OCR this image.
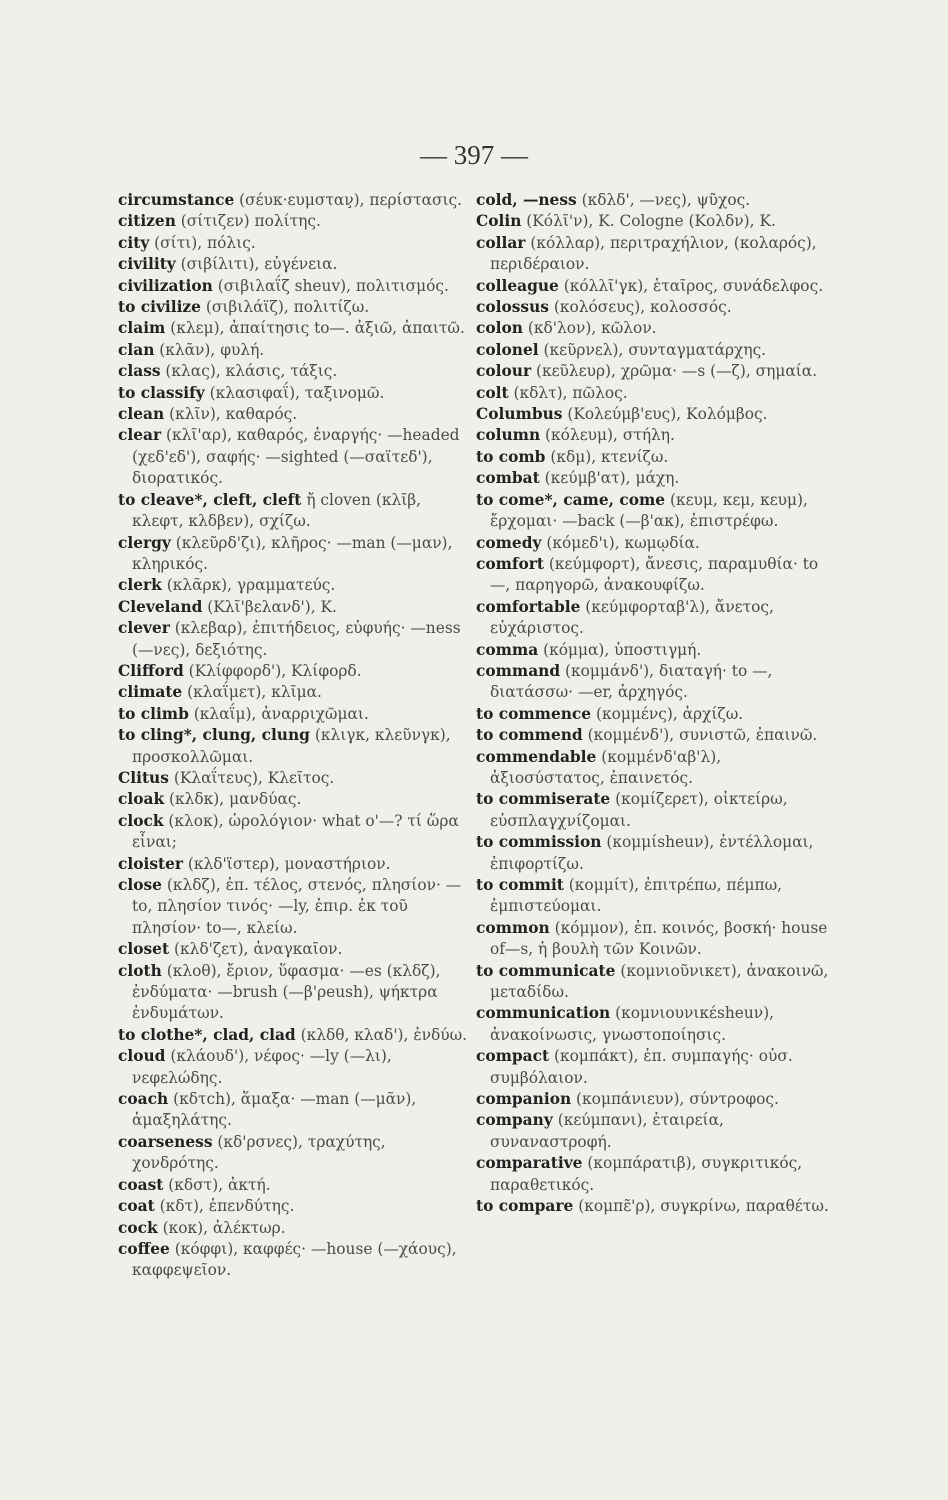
— 397 —
circumstance (σέυκ·ευμσταν̧), περίστασις.
citizen (σίτιζεν) πολίτης.
city (σίτι), πόλις.
civility (σιβίλιτι), εὐγένεια.
civilization (σιβιλαΐζ sheuv), πολιτισμός.
to civilize (σιβιλάϊζ), πολιτίζω.
claim (κλεμ), ἀπαίτησις to—. ἀξιῶ, ἀπαιτῶ.
clan (κλᾶν), φυλή.
class (κλας), κλάσις, τάξις.
to classify (κλασιφαΐ), ταξινομῶ.
clean (κλῖν), καθαρός.
clear (κλῖ'αρ), καθαρός, ἐναργής· —headed (χεδ'εδ'), σαφής· —sighted (—σαϊτεδ'), διορατικός.
to cleave*, cleft, cleft ἤ cloven (κλῖβ, κλεφτ, κλδβεν), σχίζω.
clergy (κλεῦρδ'ζι), κλῆρος· —man (—μαν), κληρικός.
clerk (κλᾶρκ), γραμματεύς.
Cleveland (Κλῖ'βελανδ'), Κ.
clever (κλεβαρ), ἐπιτήδειος, εὐφυής· —ness (—νες), δεξιότης.
Clifford (Κλίφφορδ'), Κλίφορδ.
climate (κλαΐμετ), κλῖμα.
to climb (κλαΐμ), ἀναρριχῶμαι.
to cling*, clung, clung (κλιγκ, κλεῦνγκ), προσκολλῶμαι.
Clitus (Κλαΐτευς), Κλεῖτος.
cloak (κλδκ), μανδύας.
clock (κλοκ), ὡρολόγιον· what o'—? τί ὥρα εἶναι;
cloister (κλδ'ϊστερ), μοναστήριον.
close (κλδζ), ἐπ. τέλος, στενός, πλησίον· —to, πλησίον τινός· —ly, ἐπιρ. ἐκ τοῦ πλησίον· to—, κλείω.
closet (κλδ'ζετ), ἀναγκαῖον.
cloth (κλοθ), ἔριον, ὕφασμα· —es (κλδζ), ἐνδύματα· —brush (—β'ρeush), ψήκτρα ἐνδυμάτων.
to clothe*, clad, clad (κλδθ, κλαδ'), ἐνδύω.
cloud (κλάουδ'), νέφος· —ly (—λι), νεφελώδης.
coach (κδτch), ἅμαξα· —man (—μᾶν), ἁμαξηλάτης.
coarseness (κδ'ρσνες), τραχύτης, χονδρότης.
coast (κδστ), ἀκτή.
coat (κδτ), ἐπενδύτης.
cock (κοκ), ἀλέκτωρ.
coffee (κόφφι), καφφές· —house (—χάους), καφφεψεῖον.
cold, —ness (κδλδ', —νες), ψῦχος.
Colin (Κόλῖ'ν), Κ. Cologne (Κολδν), Κ.
collar (κόλλαρ), περιτραχήλιον, (κολαρός), περιδέραιον.
colleague (κόλλῖ'γκ), ἑταῖρος, συνάδελφος.
colossus (κολόσευς), κολοσσός.
colon (κδ'λον), κῶλον.
colonel (κεῦρνελ), συνταγματάρχης.
colour (κεῦλευρ), χρῶμα· —s (—ζ), σημαία.
colt (κδλτ), πῶλος.
Columbus (Κολεύμβ'ευς), Κολόμβος.
column (κόλευμ), στήλη.
to comb (κδμ), κτενίζω.
combat (κεύμβ'ατ), μάχη.
to come*, came, come (κευμ, κεμ, κευμ), ἔρχομαι· —back (—β'ακ), ἐπιστρέφω.
comedy (κόμεδ'ι), κωμῳδία.
comfort (κεύμφορτ), ἄνεσις, παραμυθία· to—, παρηγορῶ, ἀνακουφίζω.
comfortable (κεύμφορταβ'λ), ἄνετος, εὐχάριστος.
comma (κόμμα), ὑποστιγμή.
command (κομμάνδ'), διαταγή· to —, διατάσσω· —er, ἀρχηγός.
to commence (κομμένς), ἀρχίζω.
to commend (κομμένδ'), συνιστῶ, ἐπαινῶ.
commendable (κομμένδ'αβ'λ), ἀξιοσύστατος, ἐπαινετός.
to commiserate (κομίζερετ), οἰκτείρω, εὐσπλαγχνίζομαι.
to commission (κομμίsheuν), ἐντέλλομαι, ἐπιφορτίζω.
to commit (κομμίτ), ἐπιτρέπω, πέμπω, ἐμπιστεύομαι.
common (κόμμον), ἐπ. κοινός, βοσκή· house of—s, ἡ βουλὴ τῶν Κοινῶν.
to communicate (κομνιοῦνικετ), ἀνακοινῶ, μεταδίδω.
communication (κομνιουνικέsheuν), ἀνακοίνωσις, γνωστοποίησις.
compact (κομπάκτ), ἐπ. συμπαγής· οὐσ. συμβόλαιον.
companion (κομπάνιευν), σύντροφος.
company (κεύμπανι), ἑταιρεία, συναναστροφή.
comparative (κομπάρατιβ), συγκριτικός, παραθετικός.
to compare (κομπε̃'ρ), συγκρίνω, παραθέτω.
